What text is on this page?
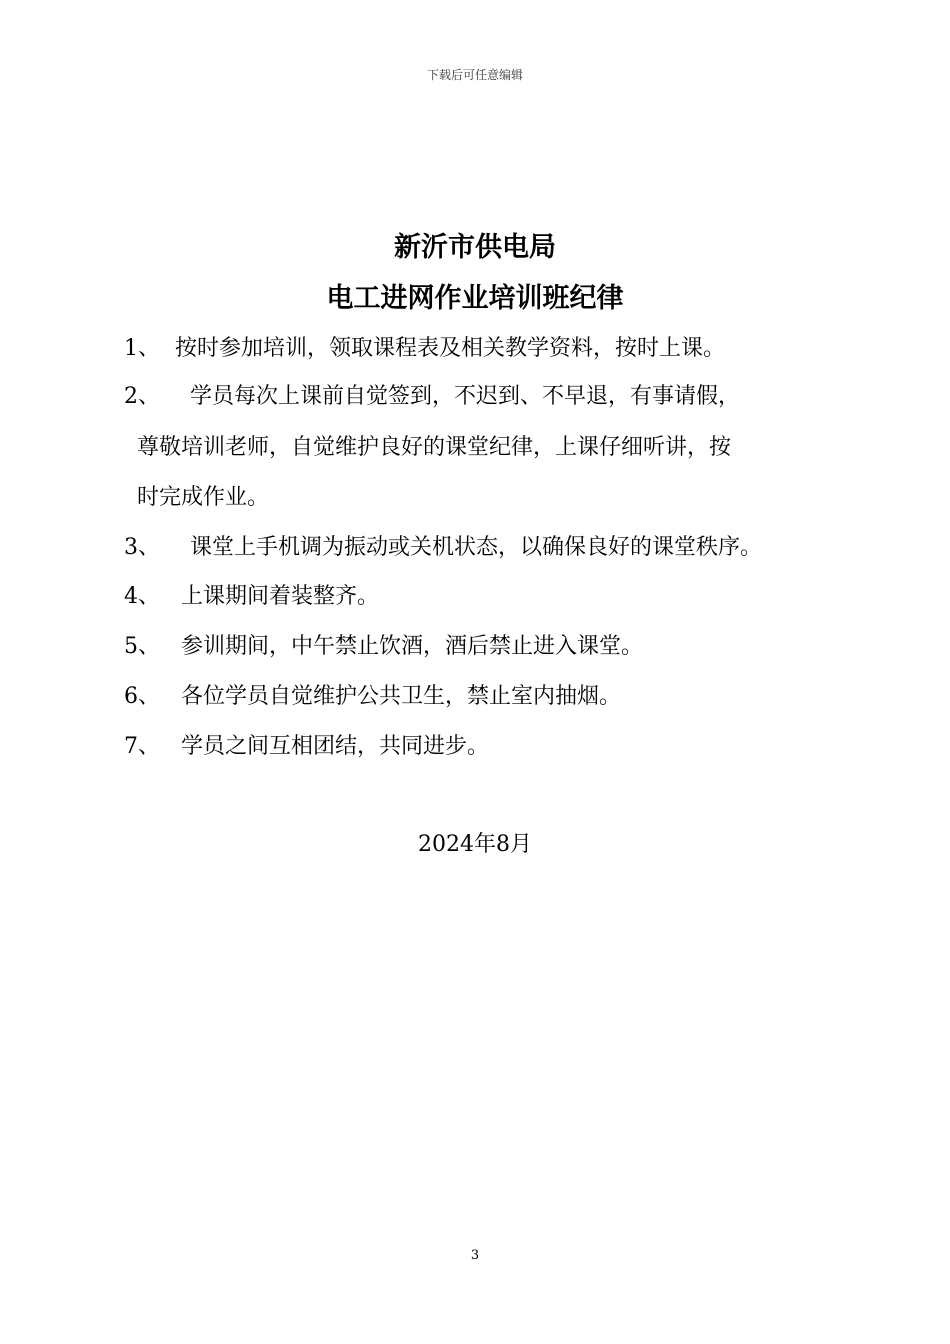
下载后可任意编辑
新沂市供电局
电工进网作业培训班纪律
1、 按时参加培训，领取课程表及相关教学资料，按时上课。
2、 学员每次上课前自觉签到，不迟到、不早退，有事请假，
尊敬培训老师，自觉维护良好的课堂纪律，上课仔细听讲，按
时完成作业。
3、 课堂上手机调为振动或关机状态，以确保良好的课堂秩序。
4、 上课期间着装整齐。
5、 参训期间，中午禁止饮酒，酒后禁止进入课堂。
6、 各位学员自觉维护公共卫生，禁止室内抽烟。
7、 学员之间互相团结，共同进步。
2024年8月
3
